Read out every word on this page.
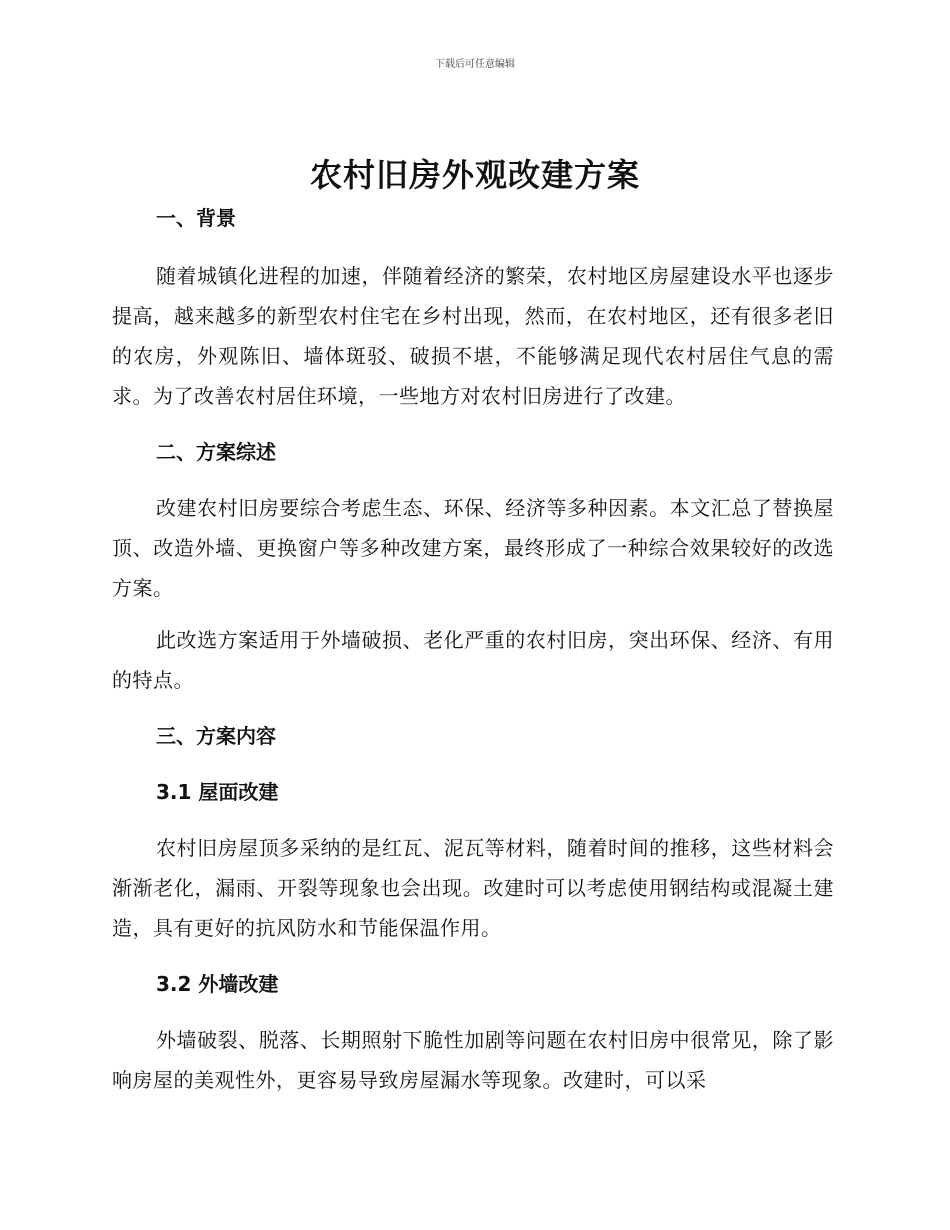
下载后可任意编辑
农村旧房外观改建方案

一、背景

随着城镇化进程的加速，伴随着经济的繁荣，农村地区房屋建设水平也逐步提高，越来越多的新型农村住宅在乡村出现，然而，在农村地区，还有很多老旧的农房，外观陈旧、墙体斑驳、破损不堪，不能够满足现代农村居住气息的需求。为了改善农村居住环境，一些地方对农村旧房进行了改建。

二、方案综述

改建农村旧房要综合考虑生态、环保、经济等多种因素。本文汇总了替换屋顶、改造外墙、更换窗户等多种改建方案，最终形成了一种综合效果较好的改选方案。

此改选方案适用于外墙破损、老化严重的农村旧房，突出环保、经济、有用的特点。

三、方案内容

3.1 屋面改建

农村旧房屋顶多采纳的是红瓦、泥瓦等材料，随着时间的推移，这些材料会渐渐老化，漏雨、开裂等现象也会出现。改建时可以考虑使用钢结构或混凝土建造，具有更好的抗风防水和节能保温作用。

3.2 外墙改建

外墙破裂、脱落、长期照射下脆性加剧等问题在农村旧房中很常见，除了影响房屋的美观性外，更容易导致房屋漏水等现象。改建时，可以采
